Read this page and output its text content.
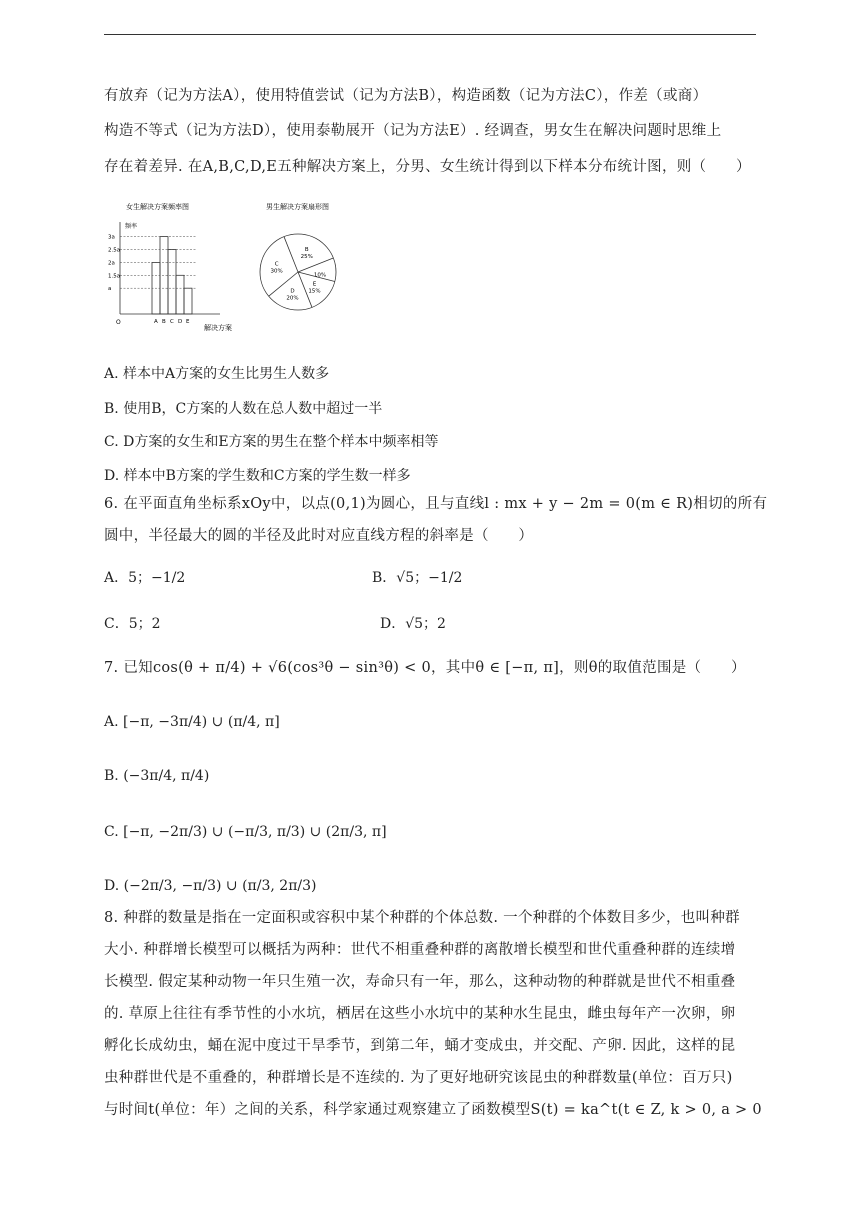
有放弃（记为方法A），使用特值尝试（记为方法B），构造函数（记为方法C），作差（或商）
构造不等式（记为方法D），使用泰勒展开（记为方法E）. 经调查，男女生在解决问题时思维上
存在着差异. 在A,B,C,D,E五种解决方案上，分男、女生统计得到以下样本分布统计图，则（　　）
女生解决方案频率图
频率
O
解决方案
A B C D E
3a
2.5a
2a
1.5a
a
男生解决方案扇形图
B
25%
10%
E
15%
D
20%
C
30%
A. 样本中A方案的女生比男生人数多
B. 使用B，C方案的人数在总人数中超过一半
C. D方案的女生和E方案的男生在整个样本中频率相等
D. 样本中B方案的学生数和C方案的学生数一样多
6. 在平面直角坐标系xOy中，以点(0,1)为圆心，且与直线l : mx + y − 2m = 0(m ∈ R)相切的所有
圆中，半径最大的圆的半径及此时对应直线方程的斜率是（　　）
A．5；−1/2	B．√5；−1/2
C．5；2	D．√5；2
7. 已知cos(θ + π/4) + √6(cos³θ − sin³θ) < 0，其中θ ∈ [−π, π]，则θ的取值范围是（　　）
A. [−π, −3π/4) ∪ (π/4, π]
B. (−3π/4, π/4)
C. [−π, −2π/3) ∪ (−π/3, π/3) ∪ (2π/3, π]
D. (−2π/3, −π/3) ∪ (π/3, 2π/3)
8. 种群的数量是指在一定面积或容积中某个种群的个体总数. 一个种群的个体数目多少，也叫种群
大小. 种群增长模型可以概括为两种：世代不相重叠种群的离散增长模型和世代重叠种群的连续增
长模型. 假定某种动物一年只生殖一次，寿命只有一年，那么，这种动物的种群就是世代不相重叠
的. 草原上往往有季节性的小水坑，栖居在这些小水坑中的某种水生昆虫，雌虫每年产一次卵，卵
孵化长成幼虫，蛹在泥中度过干旱季节，到第二年，蛹才变成虫，并交配、产卵. 因此，这样的昆
虫种群世代是不重叠的，种群增长是不连续的. 为了更好地研究该昆虫的种群数量(单位：百万只)
与时间t(单位：年）之间的关系，科学家通过观察建立了函数模型S(t) = ka^t(t ∈ Z, k > 0, a > 0
